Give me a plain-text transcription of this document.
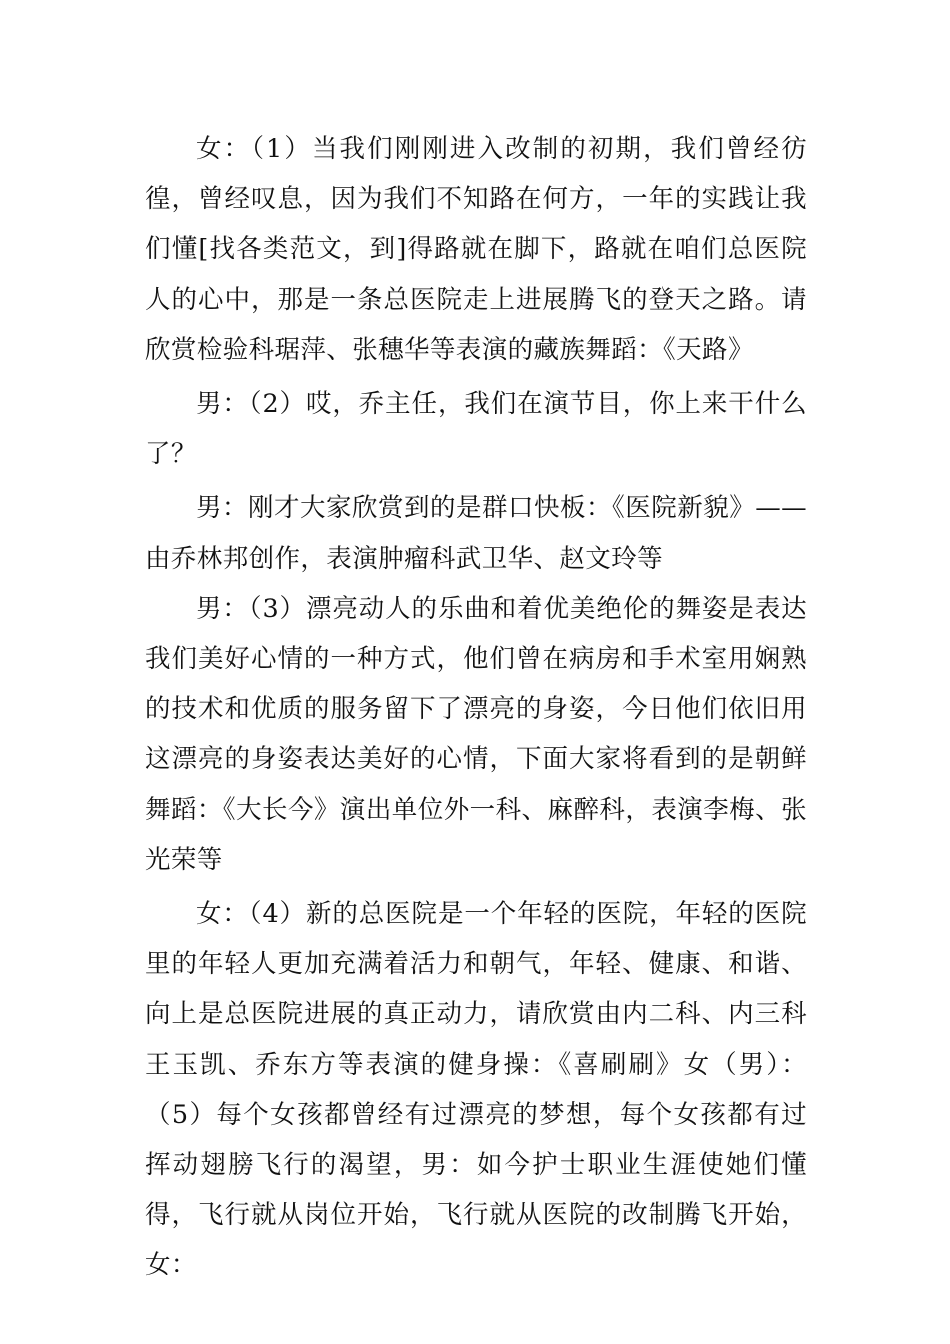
女：（1）当我们刚刚进入改制的初期，我们曾经彷徨，曾经叹息，因为我们不知路在何方，一年的实践让我们懂[找各类范文，到]得路就在脚下，路就在咱们总医院人的心中，那是一条总医院走上进展腾飞的登天之路。请欣赏检验科琚萍、张穗华等表演的藏族舞蹈：《天路》

男：（2）哎，乔主任，我们在演节目，你上来干什么了？

男：刚才大家欣赏到的是群口快板：《医院新貌》——由乔林邦创作，表演肿瘤科武卫华、赵文玲等

男：（3）漂亮动人的乐曲和着优美绝伦的舞姿是表达我们美好心情的一种方式，他们曾在病房和手术室用娴熟的技术和优质的服务留下了漂亮的身姿，今日他们依旧用这漂亮的身姿表达美好的心情，下面大家将看到的是朝鲜舞蹈：《大长今》演出单位外一科、麻醉科，表演李梅、张光荣等

女：（4）新的总医院是一个年轻的医院，年轻的医院里的年轻人更加充满着活力和朝气，年轻、健康、和谐、向上是总医院进展的真正动力，请欣赏由内二科、内三科王玉凯、乔东方等表演的健身操：《喜刷刷》女（男）：（5）每个女孩都曾经有过漂亮的梦想，每个女孩都有过挥动翅膀飞行的渴望，男：如今护士职业生涯使她们懂得，飞行就从岗位开始，飞行就从医院的改制腾飞开始，女：
